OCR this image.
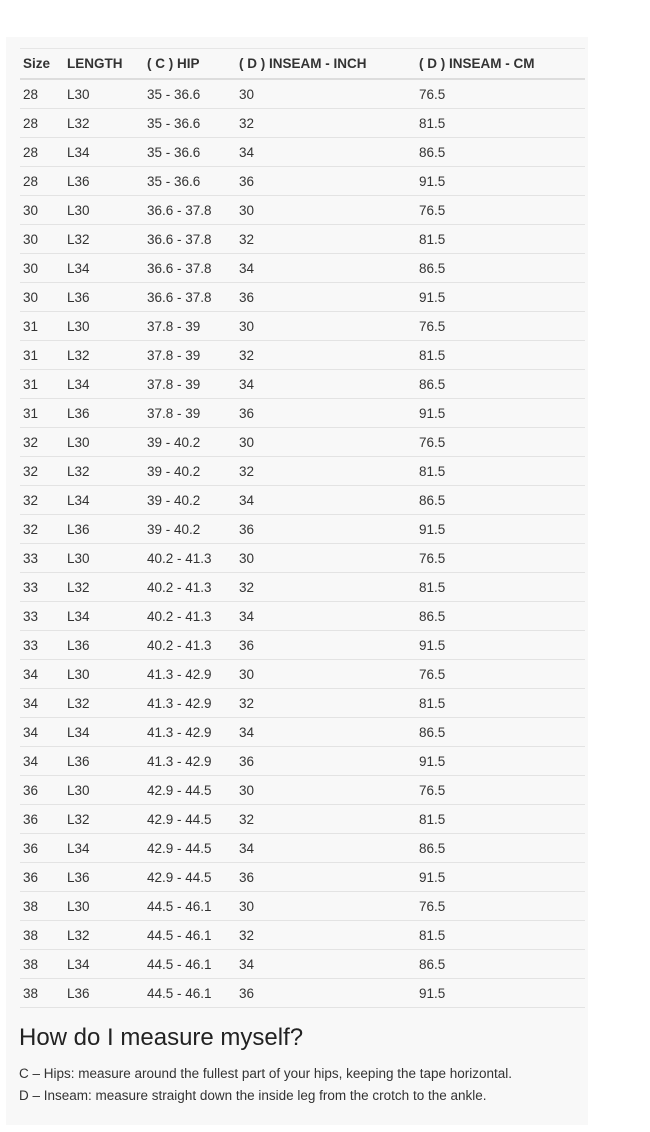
Size	LENGTH	( C ) HIP	( D ) INSEAM - INCH	( D ) INSEAM - CM
28	L30	35 - 36.6	30	76.5
28	L32	35 - 36.6	32	81.5
28	L34	35 - 36.6	34	86.5
28	L36	35 - 36.6	36	91.5
30	L30	36.6 - 37.8	30	76.5
30	L32	36.6 - 37.8	32	81.5
30	L34	36.6 - 37.8	34	86.5
30	L36	36.6 - 37.8	36	91.5
31	L30	37.8 - 39	30	76.5
31	L32	37.8 - 39	32	81.5
31	L34	37.8 - 39	34	86.5
31	L36	37.8 - 39	36	91.5
32	L30	39 - 40.2	30	76.5
32	L32	39 - 40.2	32	81.5
32	L34	39 - 40.2	34	86.5
32	L36	39 - 40.2	36	91.5
33	L30	40.2 - 41.3	30	76.5
33	L32	40.2 - 41.3	32	81.5
33	L34	40.2 - 41.3	34	86.5
33	L36	40.2 - 41.3	36	91.5
34	L30	41.3 - 42.9	30	76.5
34	L32	41.3 - 42.9	32	81.5
34	L34	41.3 - 42.9	34	86.5
34	L36	41.3 - 42.9	36	91.5
36	L30	42.9 - 44.5	30	76.5
36	L32	42.9 - 44.5	32	81.5
36	L34	42.9 - 44.5	34	86.5
36	L36	42.9 - 44.5	36	91.5
38	L30	44.5 - 46.1	30	76.5
38	L32	44.5 - 46.1	32	81.5
38	L34	44.5 - 46.1	34	86.5
38	L36	44.5 - 46.1	36	91.5
How do I measure myself?

C – Hips: measure around the fullest part of your hips, keeping the tape horizontal.

D – Inseam: measure straight down the inside leg from the crotch to the ankle.
